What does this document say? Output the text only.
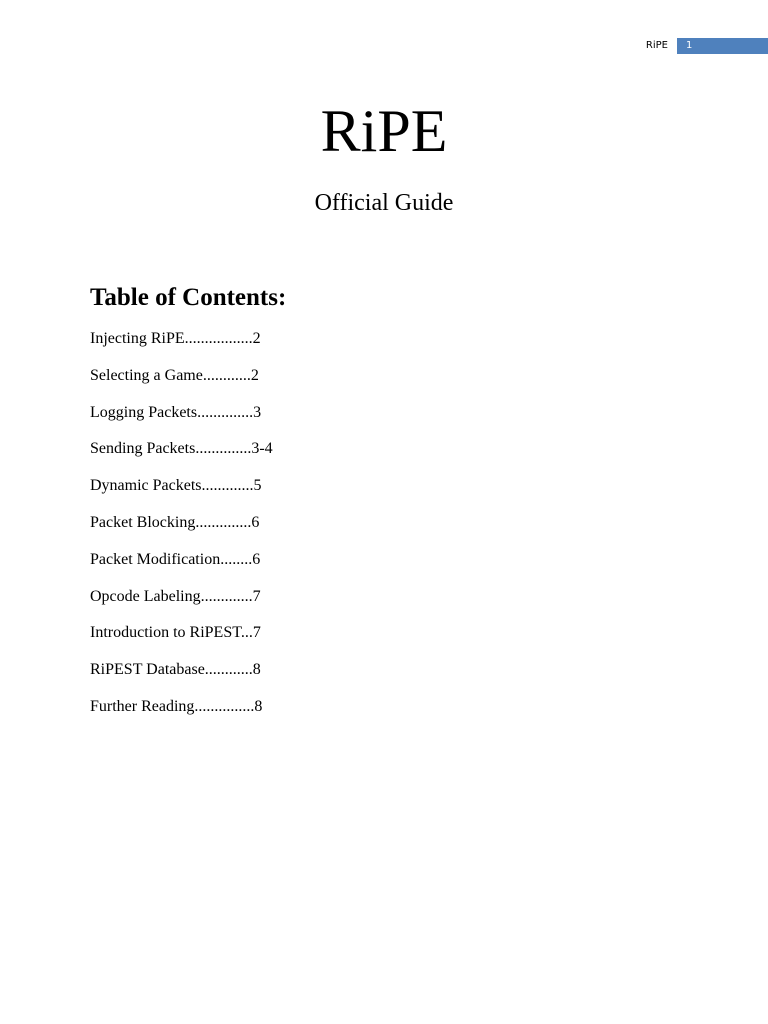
RiPE 1
RiPE
Official Guide
Table of Contents:
Injecting RiPE.................2
Selecting a Game............2
Logging Packets..............3
Sending Packets..............3-4
Dynamic Packets.............5
Packet Blocking..............6
Packet Modification........6
Opcode Labeling.............7
Introduction to RiPEST...7
RiPEST Database............8
Further Reading...............8
